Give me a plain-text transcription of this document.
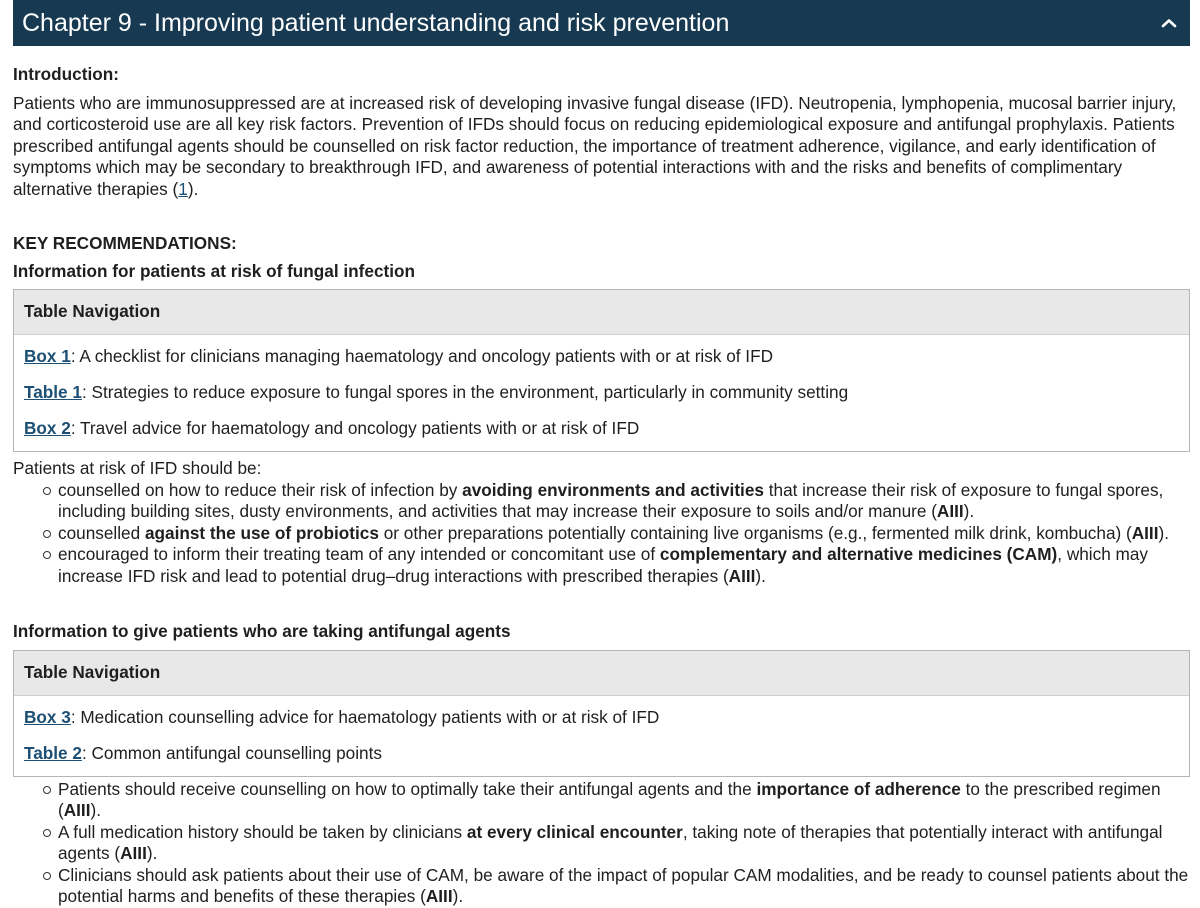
Chapter 9 - Improving patient understanding and risk prevention
Introduction:

Patients who are immunosuppressed are at increased risk of developing invasive fungal disease (IFD). Neutropenia, lymphopenia, mucosal barrier injury, and corticosteroid use are all key risk factors. Prevention of IFDs should focus on reducing epidemiological exposure and antifungal prophylaxis. Patients prescribed antifungal agents should be counselled on risk factor reduction, the importance of treatment adherence, vigilance, and early identification of symptoms which may be secondary to breakthrough IFD, and awareness of potential interactions with and the risks and benefits of complimentary alternative therapies (1).

KEY RECOMMENDATIONS:
Information for patients at risk of fungal infection
Table Navigation
Box 1 : A checklist for clinicians managing haematology and oncology patients with or at risk of IFD
Table 1 : Strategies to reduce exposure to fungal spores in the environment, particularly in community setting
Box 2 : Travel advice for haematology and oncology patients with or at risk of IFD

Patients at risk of IFD should be:

counselled on how to reduce their risk of infection by avoiding environments and activities that increase their risk of exposure to fungal spores, including building sites, dusty environments, and activities that may increase their exposure to soils and/or manure (AIII).
counselled against the use of probiotics or other preparations potentially containing live organisms (e.g., fermented milk drink, kombucha) (AIII).
encouraged to inform their treating team of any intended or concomitant use of complementary and alternative medicines (CAM), which may increase IFD risk and lead to potential drug–drug interactions with prescribed therapies (AIII).
Information to give patients who are taking antifungal agents
Table Navigation
Box 3 : Medication counselling advice for haematology patients with or at risk of IFD
Table 2 : Common antifungal counselling points
Patients should receive counselling on how to optimally take their antifungal agents and the importance of adherence to the prescribed regimen (AIII).
A full medication history should be taken by clinicians at every clinical encounter, taking note of therapies that potentially interact with antifungal agents (AIII).
Clinicians should ask patients about their use of CAM, be aware of the impact of popular CAM modalities, and be ready to counsel patients about the potential harms and benefits of these therapies (AIII).
